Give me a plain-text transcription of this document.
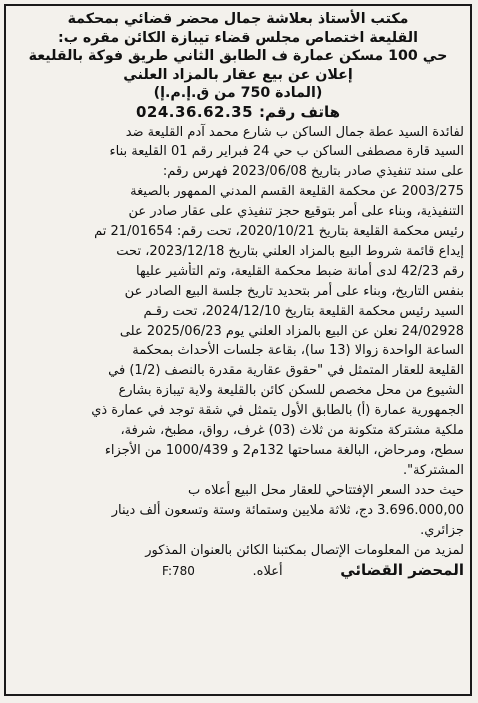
مكتب الأستاذ بعلاشة جمال محضر قضائي بمحكمة
القليعة اختصاص مجلس قضاء تيبازة الكائن مقره ب:
حي 100 مسكن عمارة ف الطابق الثاني طريق فوكة بالقليعة
إعلان عن بيع عقار بالمزاد العلني
(المادة 750 من ق.إ.م.إ)
هاتف رقم:
024.36.62.35
لفائدة السيد عطة جمال الساكن ب شارع محمد آدم القليعة ضد
السيد قارة مصطفى الساكن ب حي 24 فبراير رقم 01 القليعة بناء
على سند تنفيذي صادر بتاريخ 2023/06/08 فهرس رقم:
2003/275 عن محكمة القليعة القسم المدني الممهور بالصيغة
التنفيذية، وبناء على أمر بتوقيع حجز تنفيذي على عقار صادر عن
رئيس محكمة القليعة بتاريخ 2020/10/21، تحت رقم: 21/01654 تم
إيداع قائمة شروط البيع بالمزاد العلني بتاريخ 2023/12/18، تحت
رقم 42/23 لدى أمانة ضبط محكمة القليعة، وتم التأشير عليها
بنفس التاريخ، وبناء على أمر بتحديد تاريخ جلسة البيع الصادر عن
السيد رئيس محكمة القليعة بتاريخ 2024/12/10، تحت رقـم
24/02928 نعلن عن البيع بالمزاد العلني يوم 2025/06/23 على
الساعة الواحدة زوالا (13 سا)، بقاعة جلسات الأحداث بمحكمة
القليعة للعقار المتمثل في "حقوق عقارية مقدرة بالنصف (1/2) في
الشيوع من محل مخصص للسكن كائن بالقليعة ولاية تيبازة بشارع
الجمهورية عمارة (أ) بالطابق الأول يتمثل في شقة توجد في عمارة ذي
ملكية مشتركة متكونة من ثلاث (03) غرف، رواق، مطبخ، شرفة،
سطح، ومرحاض، البالغة مساحتها 132م2 و 1000/439 من الأجزاء
المشتركة".
حيث حدد السعر الإفتتاحي للعقار محل البيع أعلاه ب
3.696.000,00 دج، ثلاثة ملايين وستمائة وستة وتسعون ألف دينار
جزائري.
لمزيد من المعلومات الإتصال بمكتبنا الكائن بالعنوان المذكور
المحضر القضائي
أعلاه.
F:780
